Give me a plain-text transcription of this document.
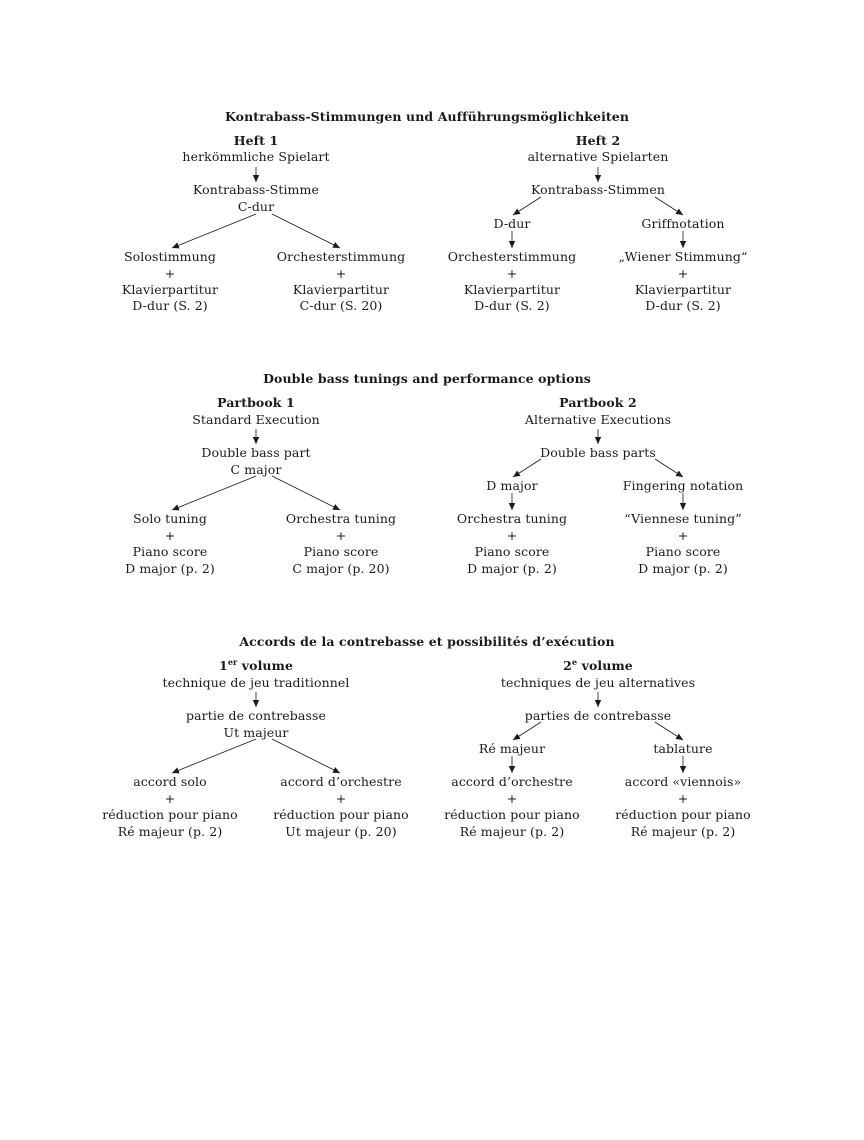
Kontrabass-Stimmungen und Aufführungsmöglichkeiten
Heft 1
herkömmliche Spielart
Kontrabass-Stimme
C-dur
Solostimmung
+
Klavierpartitur
D-dur (S. 2)
Orchesterstimmung
+
Klavierpartitur
C-dur (S. 20)
Heft 2
alternative Spielarten
Kontrabass-Stimmen
D-dur
Orchesterstimmung
+
Klavierpartitur
D-dur (S. 2)
Griffnotation
„Wiener Stimmung“
+
Klavierpartitur
D-dur (S. 2)
Double bass tunings and performance options
Partbook 1
Standard Execution
Double bass part
C major
Solo tuning
+
Piano score
D major (p. 2)
Orchestra tuning
+
Piano score
C major (p. 20)
Partbook 2
Alternative Executions
Double bass parts
D major
Orchestra tuning
+
Piano score
D major (p. 2)
Fingering notation
“Viennese tuning”
+
Piano score
D major (p. 2)
Accords de la contrebasse et possibilités d’exécution
1er volume
technique de jeu traditionnel
partie de contrebasse
Ut majeur
accord solo
+
réduction pour piano
Ré majeur (p. 2)
accord d’orchestre
+
réduction pour piano
Ut majeur (p. 20)
2e volume
techniques de jeu alternatives
parties de contrebasse
Ré majeur
accord d’orchestre
+
réduction pour piano
Ré majeur (p. 2)
tablature
accord «viennois»
+
réduction pour piano
Ré majeur (p. 2)
